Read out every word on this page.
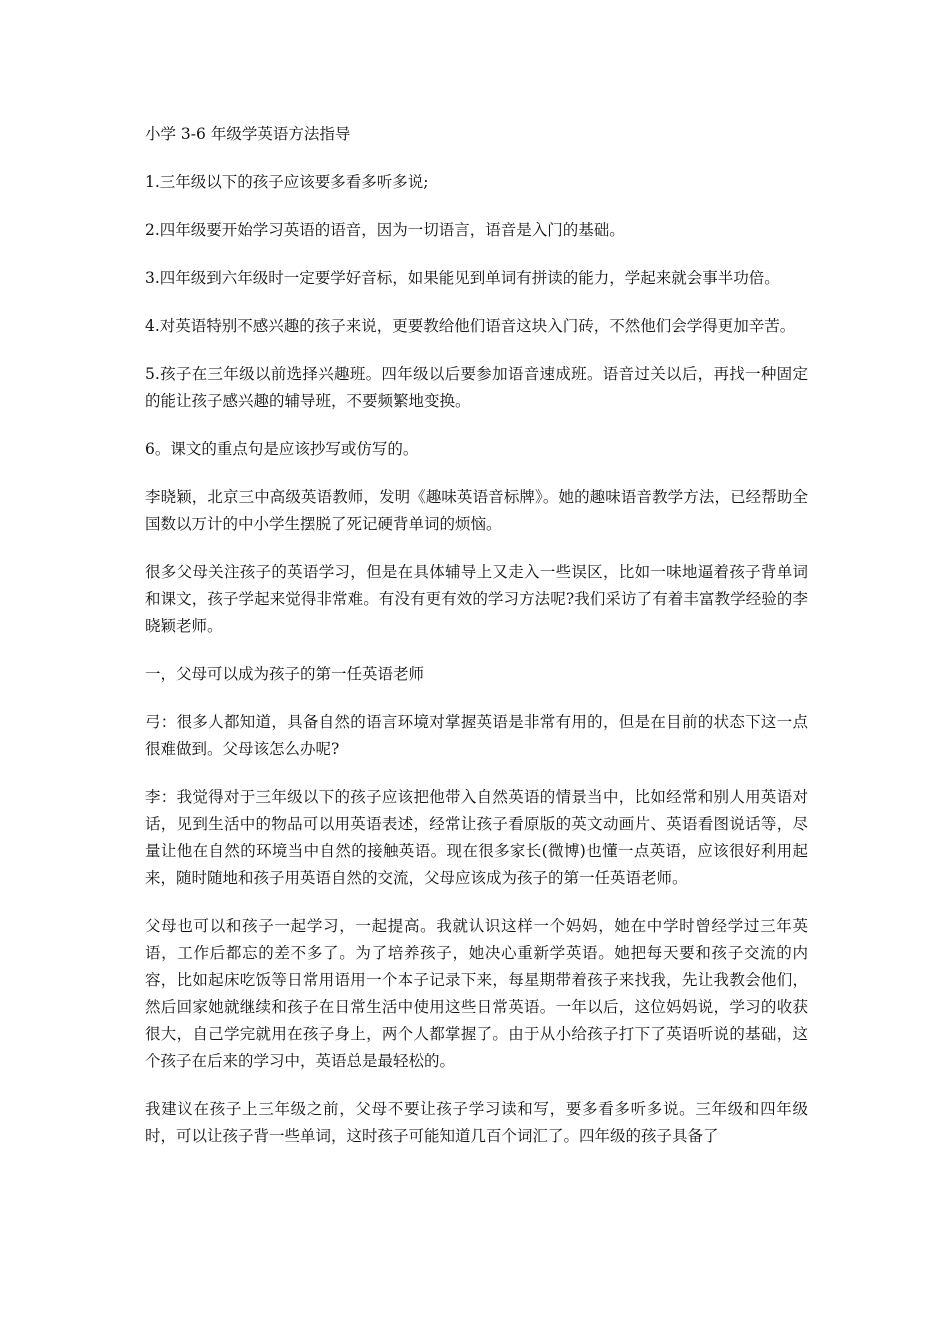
小学 3-6 年级学英语方法指导

1.三年级以下的孩子应该要多看多听多说;

2.四年级要开始学习英语的语音，因为一切语言，语音是入门的基础。

3.四年级到六年级时一定要学好音标，如果能见到单词有拼读的能力，学起来就会事半功倍。

4.对英语特别不感兴趣的孩子来说，更要教给他们语音这块入门砖，不然他们会学得更加辛苦。

5.孩子在三年级以前选择兴趣班。四年级以后要参加语音速成班。语音过关以后，再找一种固定的能让孩子感兴趣的辅导班，不要频繁地变换。

6。课文的重点句是应该抄写或仿写的。

李晓颖，北京三中高级英语教师，发明《趣味英语音标牌》。她的趣味语音教学方法，已经帮助全国数以万计的中小学生摆脱了死记硬背单词的烦恼。

很多父母关注孩子的英语学习，但是在具体辅导上又走入一些误区，比如一味地逼着孩子背单词和课文，孩子学起来觉得非常难。有没有更有效的学习方法呢?我们采访了有着丰富教学经验的李晓颖老师。

一，父母可以成为孩子的第一任英语老师

弓：很多人都知道，具备自然的语言环境对掌握英语是非常有用的，但是在目前的状态下这一点很难做到。父母该怎么办呢?

李：我觉得对于三年级以下的孩子应该把他带入自然英语的情景当中，比如经常和别人用英语对话，见到生活中的物品可以用英语表述，经常让孩子看原版的英文动画片、英语看图说话等，尽量让他在自然的环境当中自然的接触英语。现在很多家长(微博)也懂一点英语，应该很好利用起来，随时随地和孩子用英语自然的交流，父母应该成为孩子的第一任英语老师。

父母也可以和孩子一起学习，一起提高。我就认识这样一个妈妈，她在中学时曾经学过三年英语，工作后都忘的差不多了。为了培养孩子，她决心重新学英语。她把每天要和孩子交流的内容，比如起床吃饭等日常用语用一个本子记录下来，每星期带着孩子来找我，先让我教会他们，然后回家她就继续和孩子在日常生活中使用这些日常英语。一年以后，这位妈妈说，学习的收获很大，自己学完就用在孩子身上，两个人都掌握了。由于从小给孩子打下了英语听说的基础，这个孩子在后来的学习中，英语总是最轻松的。

我建议在孩子上三年级之前，父母不要让孩子学习读和写，要多看多听多说。三年级和四年级时，可以让孩子背一些单词，这时孩子可能知道几百个词汇了。四年级的孩子具备了
